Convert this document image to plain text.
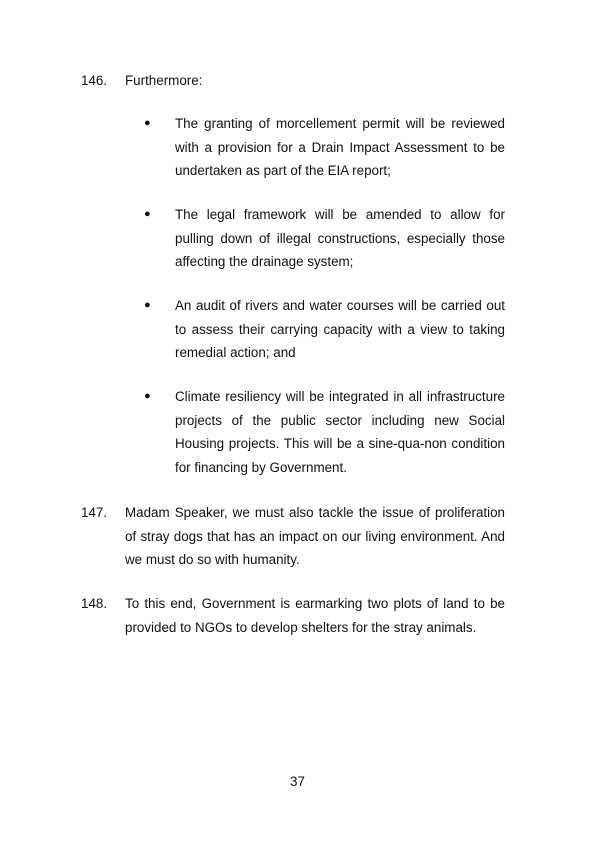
146.	Furthermore:
●	The granting of morcellement permit will be reviewed with a provision for a Drain Impact Assessment to be undertaken as part of the EIA report;
●	The legal framework will be amended to allow for pulling down of illegal constructions, especially those affecting the drainage system;
●	An audit of rivers and water courses will be carried out to assess their carrying capacity with a view to taking remedial action; and
●	Climate resiliency will be integrated in all infrastructure projects of the public sector including new Social Housing projects. This will be a sine-qua-non condition for financing by Government.
147.	Madam Speaker, we must also tackle the issue of proliferation of stray dogs that has an impact on our living environment. And we must do so with humanity.
148.	To this end, Government is earmarking two plots of land to be provided to NGOs to develop shelters for the stray animals.
37
